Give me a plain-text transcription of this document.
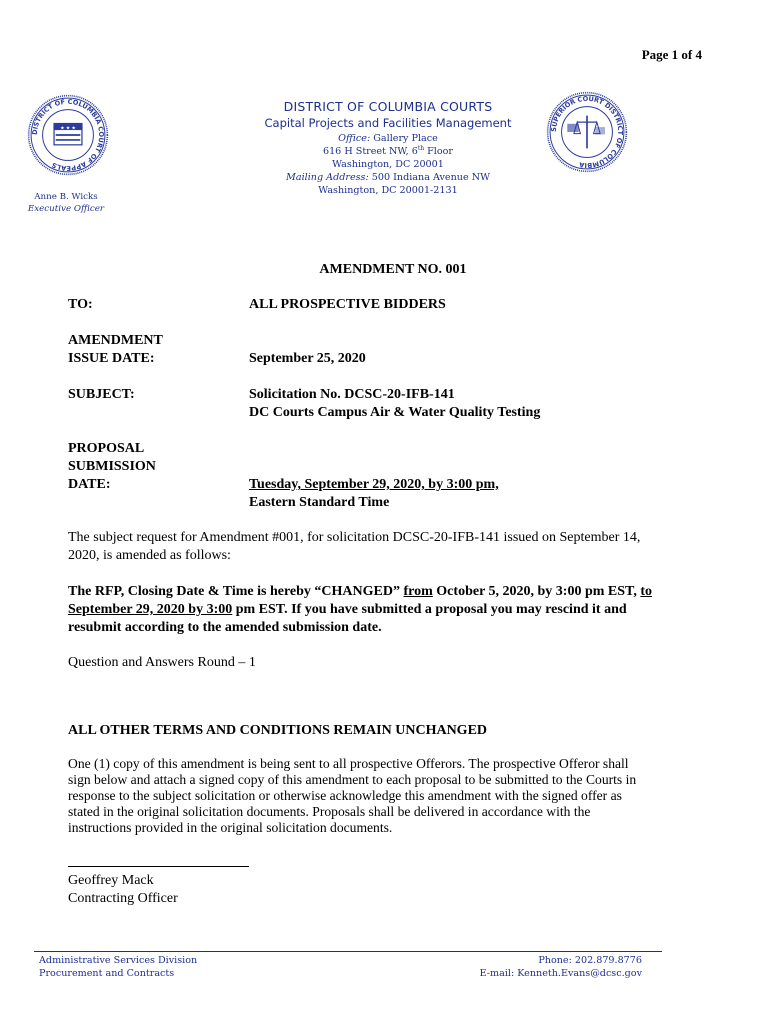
Page 1 of 4
DISTRICT OF COLUMBIA COURT OF APPEALS
★ ★ ★	SUPERIOR COURT DISTRICT OF COLUMBIA
DISTRICT OF COLUMBIA COURTS
Capital Projects and Facilities Management
Office: Gallery Place
616 H Street NW, 6th Floor
Washington, DC 20001
Mailing Address: 500 Indiana Avenue NW
Washington, DC 20001-2131
Anne B. Wicks
Executive Officer
AMENDMENT NO. 001
TO:	ALL PROSPECTIVE BIDDERS
AMENDMENT
ISSUE DATE:	September 25, 2020
SUBJECT:	Solicitation No. DCSC-20-IFB-141
DC Courts Campus Air & Water Quality Testing
PROPOSAL
SUBMISSION
DATE:	Tuesday, September 29, 2020, by 3:00 pm,
Eastern Standard Time
The subject request for Amendment #001, for solicitation DCSC-20-IFB-141 issued on September 14,
2020, is amended as follows:
The RFP, Closing Date & Time is hereby “CHANGED” from October 5, 2020, by 3:00 pm EST, to
September 29, 2020 by 3:00 pm EST. If you have submitted a proposal you may rescind it and
resubmit according to the amended submission date.
Question and Answers Round – 1
ALL OTHER TERMS AND CONDITIONS REMAIN UNCHANGED
One (1) copy of this amendment is being sent to all prospective Offerors. The prospective Offeror shall
sign below and attach a signed copy of this amendment to each proposal to be submitted to the Courts in
response to the subject solicitation or otherwise acknowledge this amendment with the signed offer as
stated in the original solicitation documents. Proposals shall be delivered in accordance with the
instructions provided in the original solicitation documents.
Geoffrey Mack
Contracting Officer
Administrative Services Division
Procurement and Contracts
Phone: 202.879.8776
E-mail: Kenneth.Evans@dcsc.gov
